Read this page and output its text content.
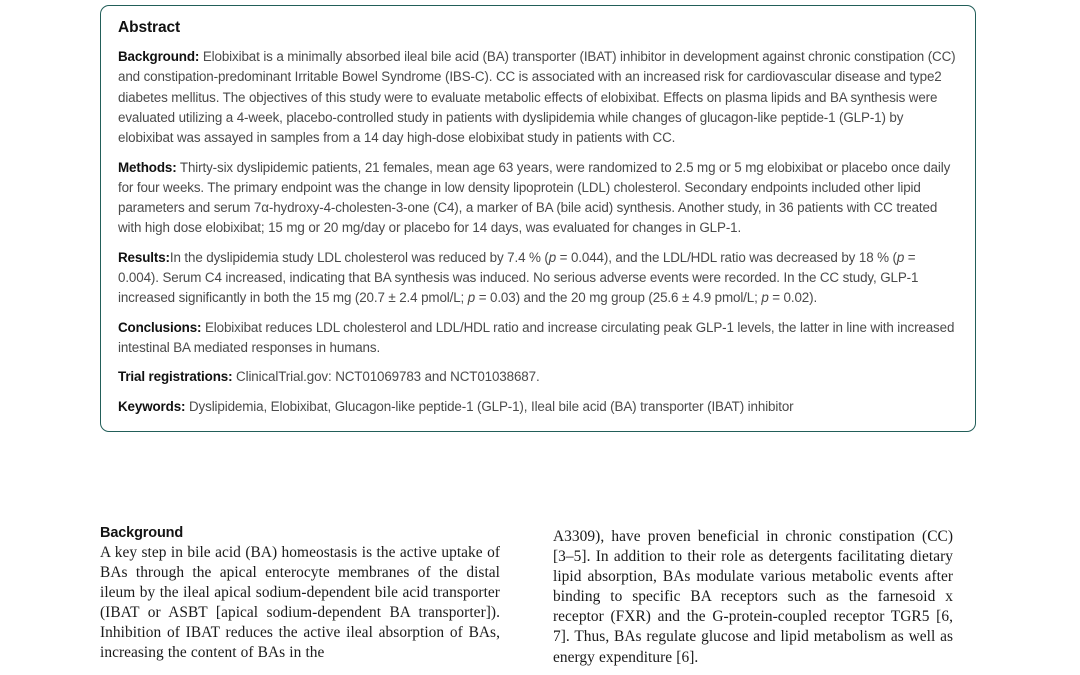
Abstract

Background: Elobixibat is a minimally absorbed ileal bile acid (BA) transporter (IBAT) inhibitor in development against chronic constipation (CC) and constipation-predominant Irritable Bowel Syndrome (IBS-C). CC is associated with an increased risk for cardiovascular disease and type2 diabetes mellitus. The objectives of this study were to evaluate metabolic effects of elobixibat. Effects on plasma lipids and BA synthesis were evaluated utilizing a 4-week, placebo-controlled study in patients with dyslipidemia while changes of glucagon-like peptide-1 (GLP-1) by elobixibat was assayed in samples from a 14 day high-dose elobixibat study in patients with CC.

Methods: Thirty-six dyslipidemic patients, 21 females, mean age 63 years, were randomized to 2.5 mg or 5 mg elobixibat or placebo once daily for four weeks. The primary endpoint was the change in low density lipoprotein (LDL) cholesterol. Secondary endpoints included other lipid parameters and serum 7α-hydroxy-4-cholesten-3-one (C4), a marker of BA (bile acid) synthesis. Another study, in 36 patients with CC treated with high dose elobixibat; 15 mg or 20 mg/day or placebo for 14 days, was evaluated for changes in GLP-1.

Results:In the dyslipidemia study LDL cholesterol was reduced by 7.4 % (p = 0.044), and the LDL/HDL ratio was decreased by 18 % (p = 0.004). Serum C4 increased, indicating that BA synthesis was induced. No serious adverse events were recorded. In the CC study, GLP-1 increased significantly in both the 15 mg (20.7 ± 2.4 pmol/L; p = 0.03) and the 20 mg group (25.6 ± 4.9 pmol/L; p = 0.02).

Conclusions: Elobixibat reduces LDL cholesterol and LDL/HDL ratio and increase circulating peak GLP-1 levels, the latter in line with increased intestinal BA mediated responses in humans.

Trial registrations: ClinicalTrial.gov: NCT01069783 and NCT01038687.

Keywords: Dyslipidemia, Elobixibat, Glucagon-like peptide-1 (GLP-1), Ileal bile acid (BA) transporter (IBAT) inhibitor

Background

A key step in bile acid (BA) homeostasis is the active uptake of BAs through the apical enterocyte membranes of the distal ileum by the ileal apical sodium-dependent bile acid transporter (IBAT or ASBT [apical sodium-dependent BA transporter]). Inhibition of IBAT reduces the active ileal absorption of BAs, increasing the content of BAs in the

A3309), have proven beneficial in chronic constipation (CC) [3–5]. In addition to their role as detergents facilitating dietary lipid absorption, BAs modulate various metabolic events after binding to specific BA receptors such as the farnesoid x receptor (FXR) and the G-protein-coupled receptor TGR5 [6, 7]. Thus, BAs regulate glucose and lipid metabolism as well as energy expenditure [6].
